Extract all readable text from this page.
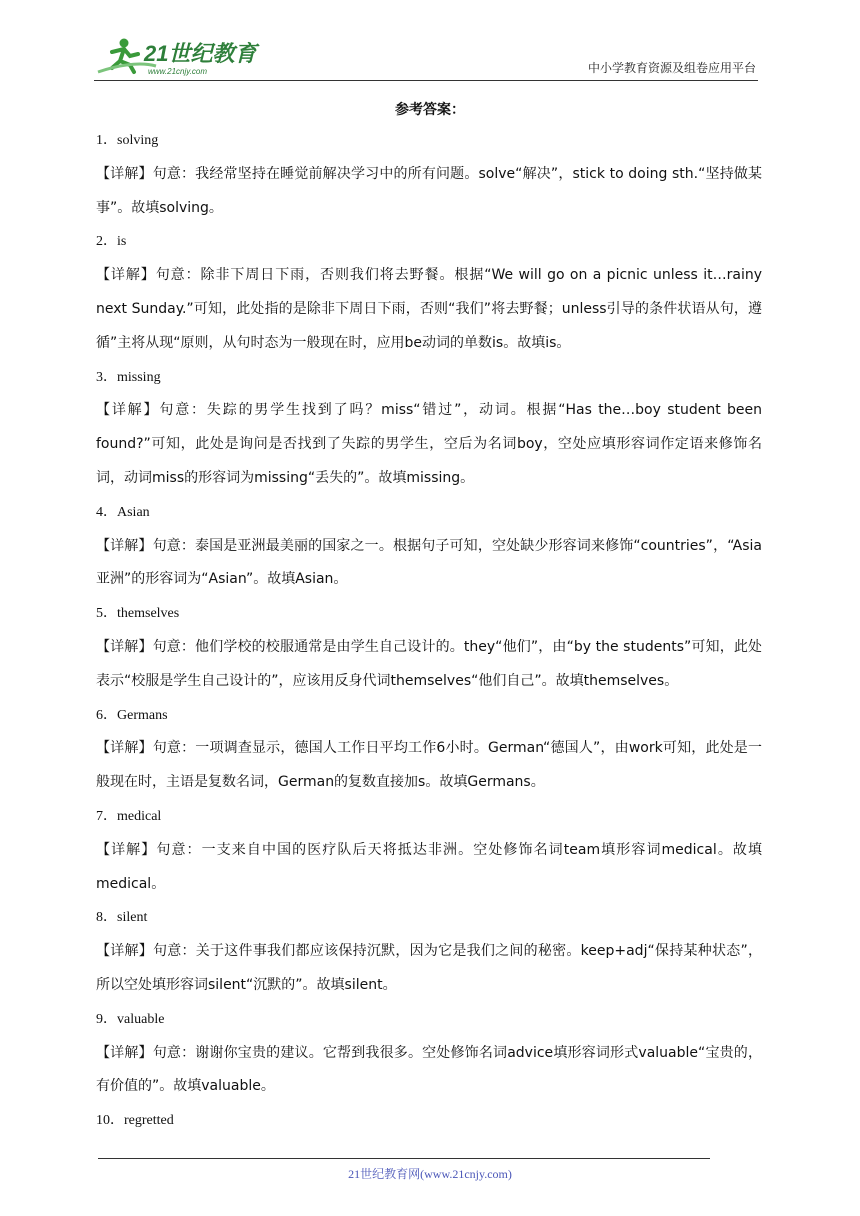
21世纪教育
www.21cnjy.com	中小学教育资源及组卷应用平台
参考答案：

1．solving

【详解】句意：我经常坚持在睡觉前解决学习中的所有问题。solve“解决”，stick to doing sth.“坚持做某事”。故填solving。

2．is

【详解】句意：除非下周日下雨，否则我们将去野餐。根据“We will go on a picnic unless it…rainy next Sunday.”可知，此处指的是除非下周日下雨，否则“我们”将去野餐；unless引导的条件状语从句，遵循”主将从现“原则，从句时态为一般现在时，应用be动词的单数is。故填is。

3．missing

【详解】句意：失踪的男学生找到了吗？miss“错过”，动词。根据“Has the…boy student been found?”可知，此处是询问是否找到了失踪的男学生，空后为名词boy，空处应填形容词作定语来修饰名词，动词miss的形容词为missing“丢失的”。故填missing。

4．Asian

【详解】句意：泰国是亚洲最美丽的国家之一。根据句子可知，空处缺少形容词来修饰“countries”，“Asia亚洲”的形容词为“Asian”。故填Asian。

5．themselves

【详解】句意：他们学校的校服通常是由学生自己设计的。they“他们”，由“by the students”可知，此处表示“校服是学生自己设计的”，应该用反身代词themselves“他们自己”。故填themselves。

6．Germans

【详解】句意：一项调查显示，德国人工作日平均工作6小时。German“德国人”，由work可知，此处是一般现在时，主语是复数名词，German的复数直接加s。故填Germans。

7．medical

【详解】句意：一支来自中国的医疗队后天将抵达非洲。空处修饰名词team填形容词medical。故填medical。

8．silent

【详解】句意：关于这件事我们都应该保持沉默，因为它是我们之间的秘密。keep+adj“保持某种状态”，所以空处填形容词silent“沉默的”。故填silent。

9．valuable

【详解】句意：谢谢你宝贵的建议。它帮到我很多。空处修饰名词advice填形容词形式valuable“宝贵的，有价值的”。故填valuable。

10．regretted

21世纪教育网(www.21cnjy.com)
